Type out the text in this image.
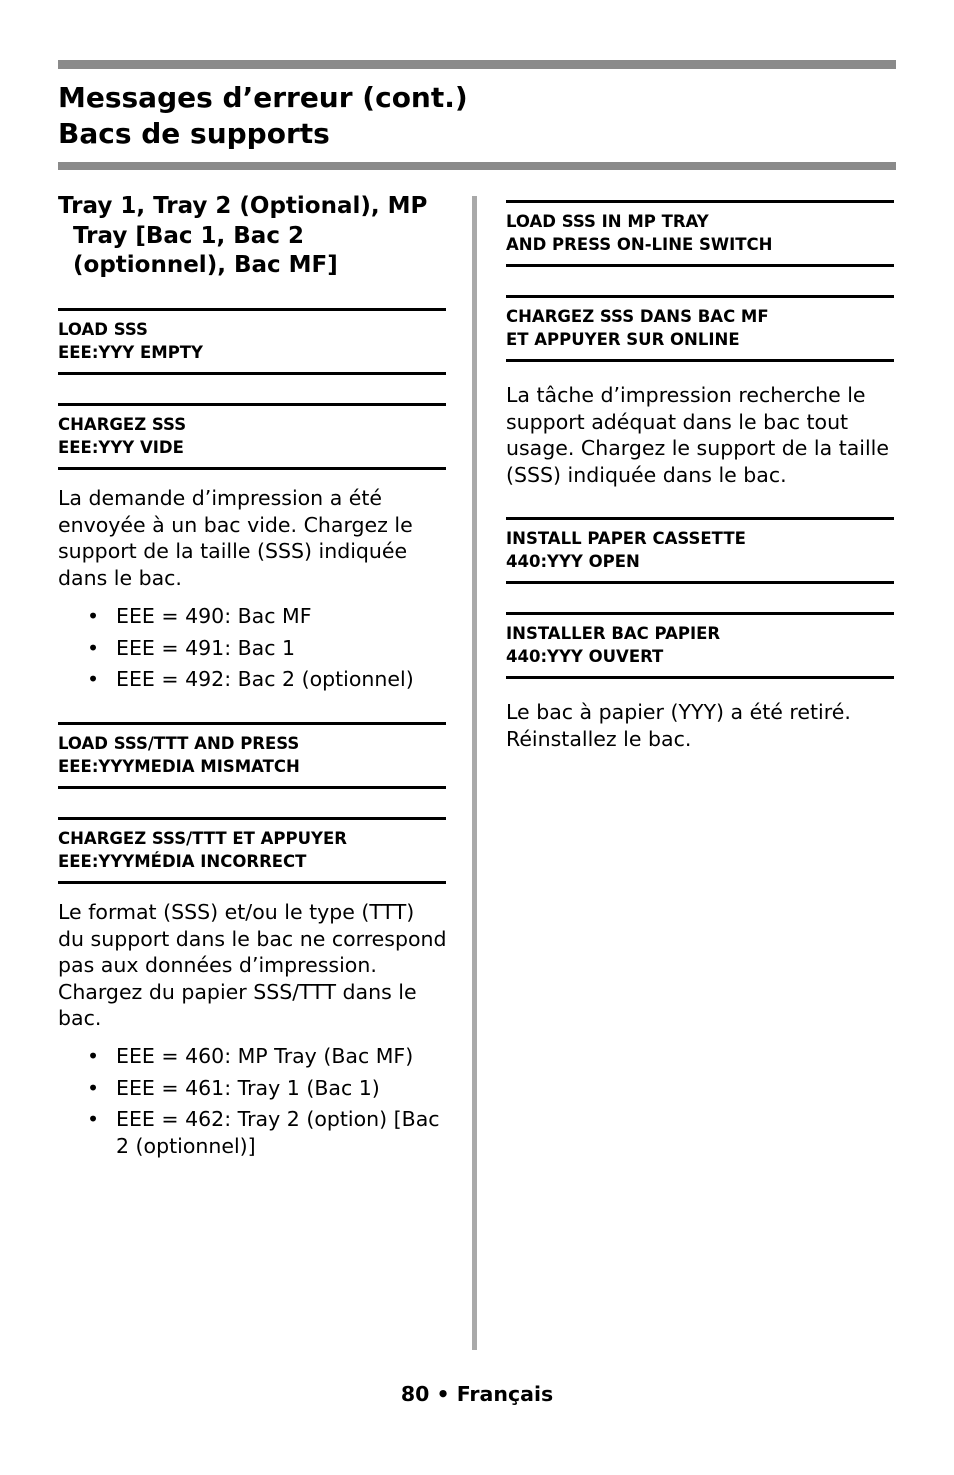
Messages d’erreur (cont.)
Bacs de supports
Tray 1, Tray 2 (Optional), MP
Tray [Bac 1, Bac 2
(optionnel), Bac MF]
LOAD SSS
EEE:YYY EMPTY
CHARGEZ SSS
EEE:YYY VIDE

La demande d’impression a été
envoyée à un bac vide. Chargez le
support de la taille (SSS) indiquée
dans le bac.

• EEE = 490: Bac MF
• EEE = 491: Bac 1
• EEE = 492: Bac 2 (optionnel)
LOAD SSS/TTT AND PRESS
EEE:YYYMEDIA MISMATCH
CHARGEZ SSS/TTT ET APPUYER
EEE:YYYMÉDIA INCORRECT

Le format (SSS) et/ou le type (TTT)
du support dans le bac ne correspond
pas aux données d’impression.
Chargez du papier SSS/TTT dans le
bac.

• EEE = 460: MP Tray (Bac MF)
• EEE = 461: Tray 1 (Bac 1)
• EEE = 462: Tray 2 (option) [Bac
2 (optionnel)]
LOAD SSS IN MP TRAY
AND PRESS ON-LINE SWITCH
CHARGEZ SSS DANS BAC MF
ET APPUYER SUR ONLINE

La tâche d’impression recherche le
support adéquat dans le bac tout
usage. Chargez le support de la taille
(SSS) indiquée dans le bac.

INSTALL PAPER CASSETTE
440:YYY OPEN
INSTALLER BAC PAPIER
440:YYY OUVERT

Le bac à papier (YYY) a été retiré.
Réinstallez le bac.

80 • Français
